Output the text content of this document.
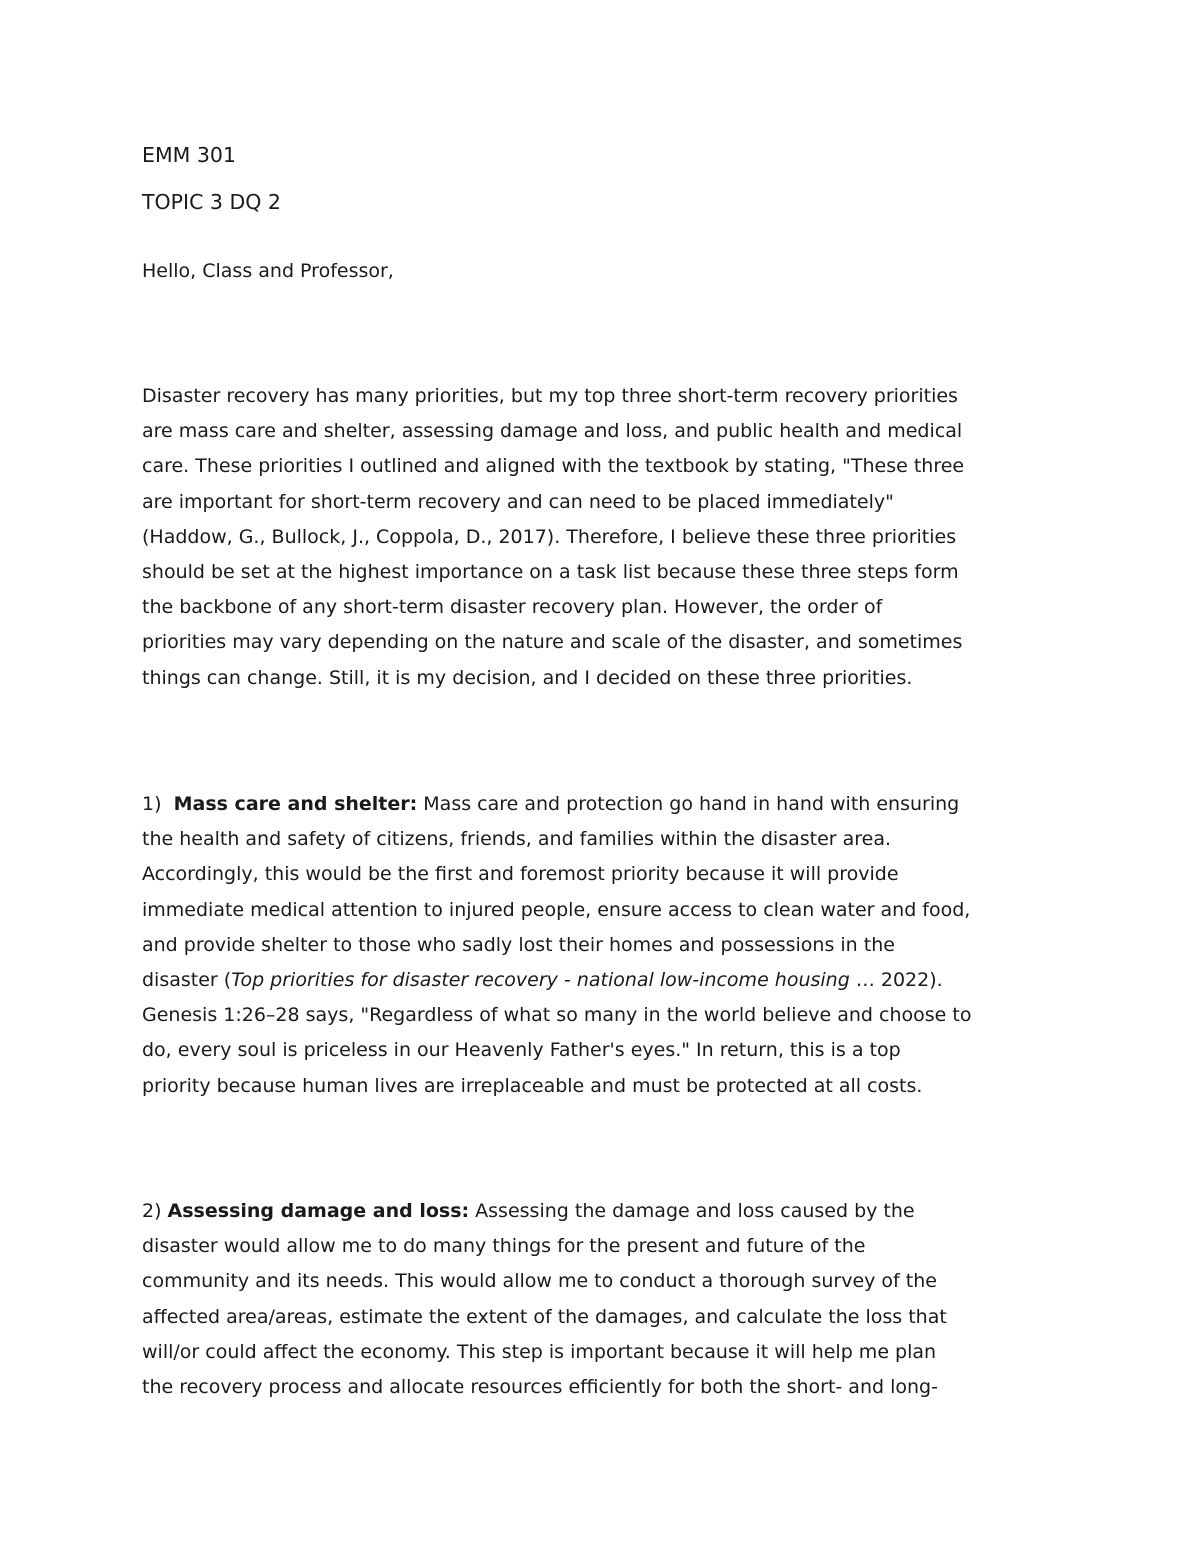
EMM 301
TOPIC 3 DQ 2
Hello, Class and Professor,
Disaster recovery has many priorities, but my top three short-term recovery priorities
are mass care and shelter, assessing damage and loss, and public health and medical
care. These priorities I outlined and aligned with the textbook by stating, "These three
are important for short-term recovery and can need to be placed immediately"
(Haddow, G., Bullock, J., Coppola, D., 2017). Therefore, I believe these three priorities
should be set at the highest importance on a task list because these three steps form
the backbone of any short-term disaster recovery plan. However, the order of
priorities may vary depending on the nature and scale of the disaster, and sometimes
things can change. Still, it is my decision, and I decided on these three priorities.
1)  Mass care and shelter: Mass care and protection go hand in hand with ensuring
the health and safety of citizens, friends, and families within the disaster area.
Accordingly, this would be the first and foremost priority because it will provide
immediate medical attention to injured people, ensure access to clean water and food,
and provide shelter to those who sadly lost their homes and possessions in the
disaster (Top priorities for disaster recovery - national low-income housing … 2022).
Genesis 1:26–28 says, "Regardless of what so many in the world believe and choose to
do, every soul is priceless in our Heavenly Father's eyes." In return, this is a top
priority because human lives are irreplaceable and must be protected at all costs.
2) Assessing damage and loss: Assessing the damage and loss caused by the
disaster would allow me to do many things for the present and future of the
community and its needs. This would allow me to conduct a thorough survey of the
affected area/areas, estimate the extent of the damages, and calculate the loss that
will/or could affect the economy. This step is important because it will help me plan
the recovery process and allocate resources efficiently for both the short- and long-
